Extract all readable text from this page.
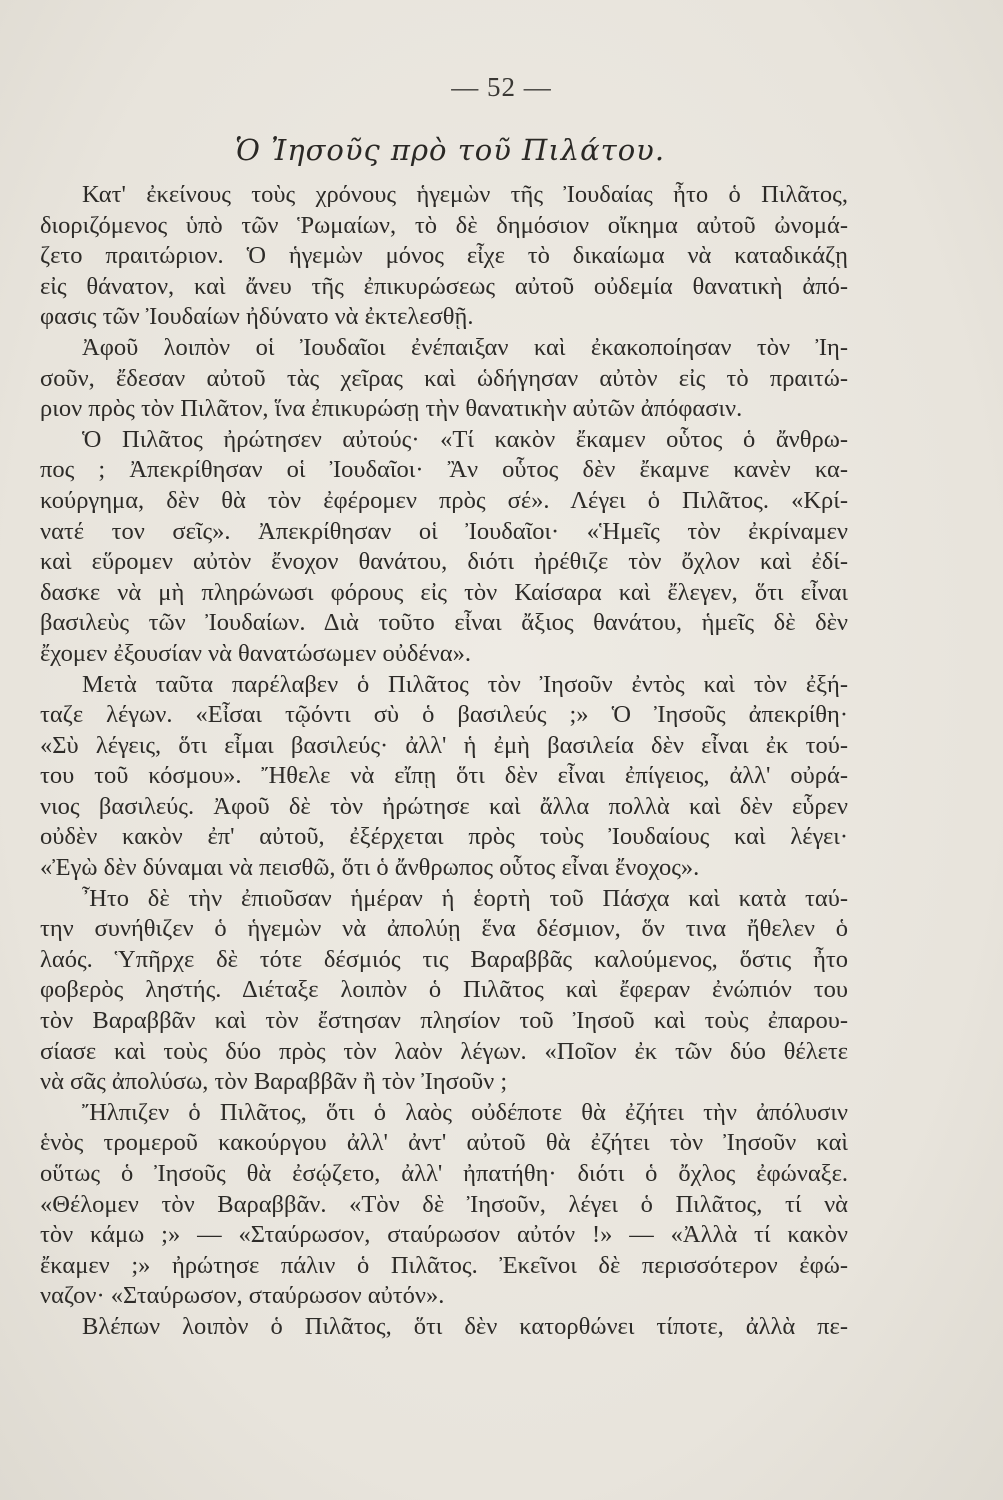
— 52 —
Ὁ Ἰησοῦς πρὸ τοῦ Πιλάτου.
Κατ' ἐκείνους τοὺς χρόνους ἡγεμὼν τῆς Ἰουδαίας ἦτο ὁ Πιλᾶτος,
διοριζόμενος ὑπὸ τῶν Ῥωμαίων, τὸ δὲ δημόσιον οἴκημα αὐτοῦ ὠνομά-
ζετο πραιτώριον. Ὁ ἡγεμὼν μόνος εἶχε τὸ δικαίωμα νὰ καταδικάζῃ
εἰς θάνατον, καὶ ἄνευ τῆς ἐπικυρώσεως αὐτοῦ οὐδεμία θανατικὴ ἀπό-
φασις τῶν Ἰουδαίων ἠδύνατο νὰ ἐκτελεσθῇ.
Ἀφοῦ λοιπὸν οἱ Ἰουδαῖοι ἐνέπαιξαν καὶ ἐκακοποίησαν τὸν Ἰη-
σοῦν, ἔδεσαν αὐτοῦ τὰς χεῖρας καὶ ὡδήγησαν αὐτὸν εἰς τὸ πραιτώ-
ριον πρὸς τὸν Πιλᾶτον, ἵνα ἐπικυρώσῃ τὴν θανατικὴν αὐτῶν ἀπόφασιν.
Ὁ Πιλᾶτος ἠρώτησεν αὐτούς· «Τί κακὸν ἔκαμεν οὗτος ὁ ἄνθρω-
πος ; Ἀπεκρίθησαν οἱ Ἰουδαῖοι· Ἂν οὗτος δὲν ἔκαμνε κανὲν κα-
κούργημα, δὲν θὰ τὸν ἐφέρομεν πρὸς σέ». Λέγει ὁ Πιλᾶτος. «Κρί-
νατέ τον σεῖς». Ἀπεκρίθησαν οἱ Ἰουδαῖοι· «Ἡμεῖς τὸν ἐκρίναμεν
καὶ εὕρομεν αὐτὸν ἔνοχον θανάτου, διότι ἠρέθιζε τὸν ὄχλον καὶ ἐδί-
δασκε νὰ μὴ πληρώνωσι φόρους εἰς τὸν Καίσαρα καὶ ἔλεγεν, ὅτι εἶναι
βασιλεὺς τῶν Ἰουδαίων. Διὰ τοῦτο εἶναι ἄξιος θανάτου, ἡμεῖς δὲ δὲν
ἔχομεν ἐξουσίαν νὰ θανατώσωμεν οὐδένα».
Μετὰ ταῦτα παρέλαβεν ὁ Πιλᾶτος τὸν Ἰησοῦν ἐντὸς καὶ τὸν ἐξή-
ταζε λέγων. «Εἶσαι τῷόντι σὺ ὁ βασιλεύς ;» Ὁ Ἰησοῦς ἀπεκρίθη·
«Σὺ λέγεις, ὅτι εἶμαι βασιλεύς· ἀλλ' ἡ ἐμὴ βασιλεία δὲν εἶναι ἐκ τού-
του τοῦ κόσμου». Ἤθελε νὰ εἴπῃ ὅτι δὲν εἶναι ἐπίγειος, ἀλλ' οὐρά-
νιος βασιλεύς. Ἀφοῦ δὲ τὸν ἠρώτησε καὶ ἄλλα πολλὰ καὶ δὲν εὗρεν
οὐδὲν κακὸν ἐπ' αὐτοῦ, ἐξέρχεται πρὸς τοὺς Ἰουδαίους καὶ λέγει·
«Ἐγὼ δὲν δύναμαι νὰ πεισθῶ, ὅτι ὁ ἄνθρωπος οὗτος εἶναι ἔνοχος».
Ἦτο δὲ τὴν ἐπιοῦσαν ἡμέραν ἡ ἑορτὴ τοῦ Πάσχα καὶ κατὰ ταύ-
την συνήθιζεν ὁ ἡγεμὼν νὰ ἀπολύῃ ἕνα δέσμιον, ὅν τινα ἤθελεν ὁ
λαός. Ὑπῆρχε δὲ τότε δέσμιός τις Βαραββᾶς καλούμενος, ὅστις ἦτο
φοβερὸς ληστής. Διέταξε λοιπὸν ὁ Πιλᾶτος καὶ ἔφεραν ἐνώπιόν του
τὸν Βαραββᾶν καὶ τὸν ἔστησαν πλησίον τοῦ Ἰησοῦ καὶ τοὺς ἐπαρου-
σίασε καὶ τοὺς δύο πρὸς τὸν λαὸν λέγων. «Ποῖον ἐκ τῶν δύο θέλετε
νὰ σᾶς ἀπολύσω, τὸν Βαραββᾶν ἢ τὸν Ἰησοῦν ;
Ἤλπιζεν ὁ Πιλᾶτος, ὅτι ὁ λαὸς οὐδέποτε θὰ ἐζήτει τὴν ἀπόλυσιν
ἑνὸς τρομεροῦ κακούργου ἀλλ' ἀντ' αὐτοῦ θὰ ἐζήτει τὸν Ἰησοῦν καὶ
οὕτως ὁ Ἰησοῦς θὰ ἐσῴζετο, ἀλλ' ἠπατήθη· διότι ὁ ὄχλος ἐφώναξε.
«Θέλομεν τὸν Βαραββᾶν. «Τὸν δὲ Ἰησοῦν, λέγει ὁ Πιλᾶτος, τί νὰ
τὸν κάμω ;» — «Σταύρωσον, σταύρωσον αὐτόν !» — «Ἀλλὰ τί κακὸν
ἔκαμεν ;» ἠρώτησε πάλιν ὁ Πιλᾶτος. Ἐκεῖνοι δὲ περισσότερον ἐφώ-
ναζον· «Σταύρωσον, σταύρωσον αὐτόν».
Βλέπων λοιπὸν ὁ Πιλᾶτος, ὅτι δὲν κατορθώνει τίποτε, ἀλλὰ πε-
